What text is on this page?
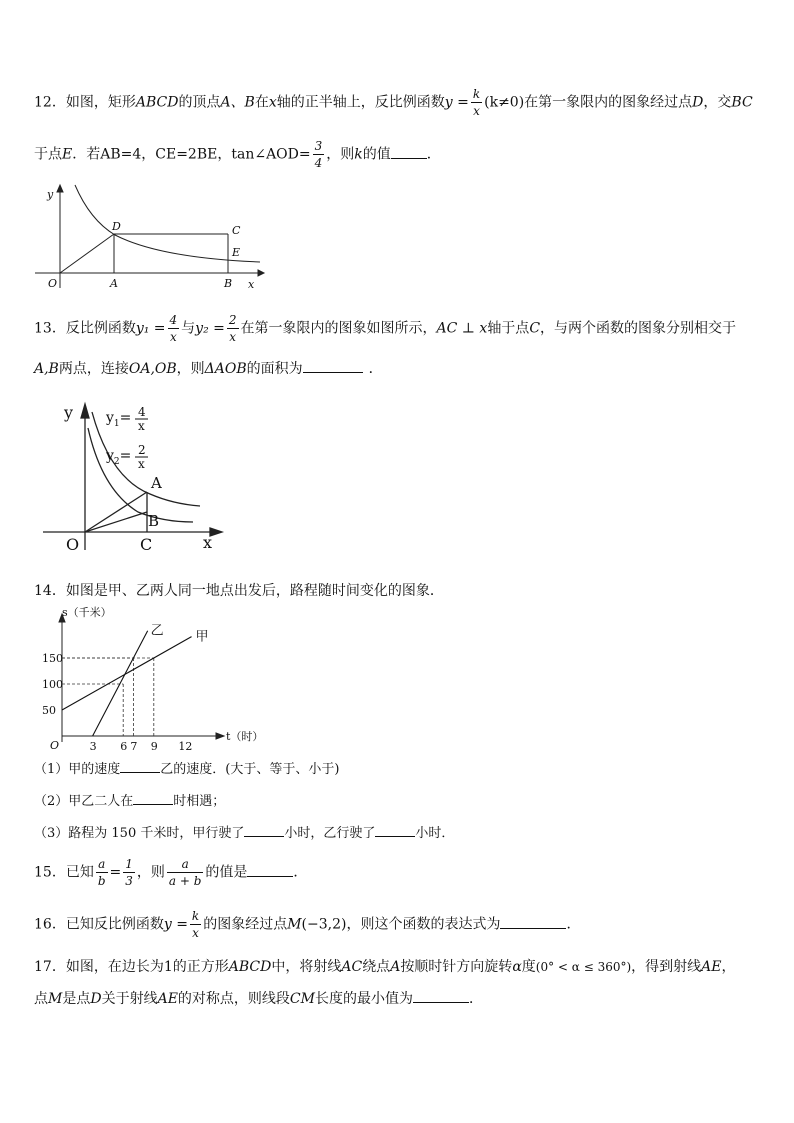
12．如图，矩形ABCD的顶点A、B在x轴的正半轴上，反比例函数$y = \frac{k}{x} (k\ne 0)$在第一象限内的图象经过点D，交BC
于点E．若AB=4，CE=2BE，tan∠AOD= $\frac{3}{4}$ ，则k的值	．
y
D	C
E
O	A	B x
13．反比例函数$y_1 = \frac{4}{x}$ 与$y_2 = \frac{2}{x}$ 在第一象限内的图象如图所示，AC ⊥ x轴于点C，与两个函数的图象分别相交于
A,B两点，连接OA,OB，则ΔAOB的面积为	．
y $y_1= 4$
x
$y_2= 2$
x
A
B
O	C	x
14．如图是甲、乙两人同一地点出发后，路程随时间变化的图象．
甲
乙
3 6 7 9 12
50
100
150
O
s（千米）
t（时）
（1）甲的速度	乙的速度．(大于、等于、小于)
（2）甲乙二人在	时相遇；
（3）路程为 150 千米时，甲行驶了	小时，乙行驶了	小时．
15．已知 $\frac{a}{b} = \frac{1}{3}$ ，则 $\frac{a}{a + b}$ 的值是	．
16．已知反比例函数$y = \frac{k}{x}$ 的图象经过点M(−3,2)，则这个函数的表达式为	．
17．如图，在边长为1的正方形ABCD中，将射线AC绕点A按顺时针方向旋转α度(0° < α ≤ 360°)，得到射线AE，
点M是点D关于射线AE的对称点，则线段CM长度的最小值为	．
